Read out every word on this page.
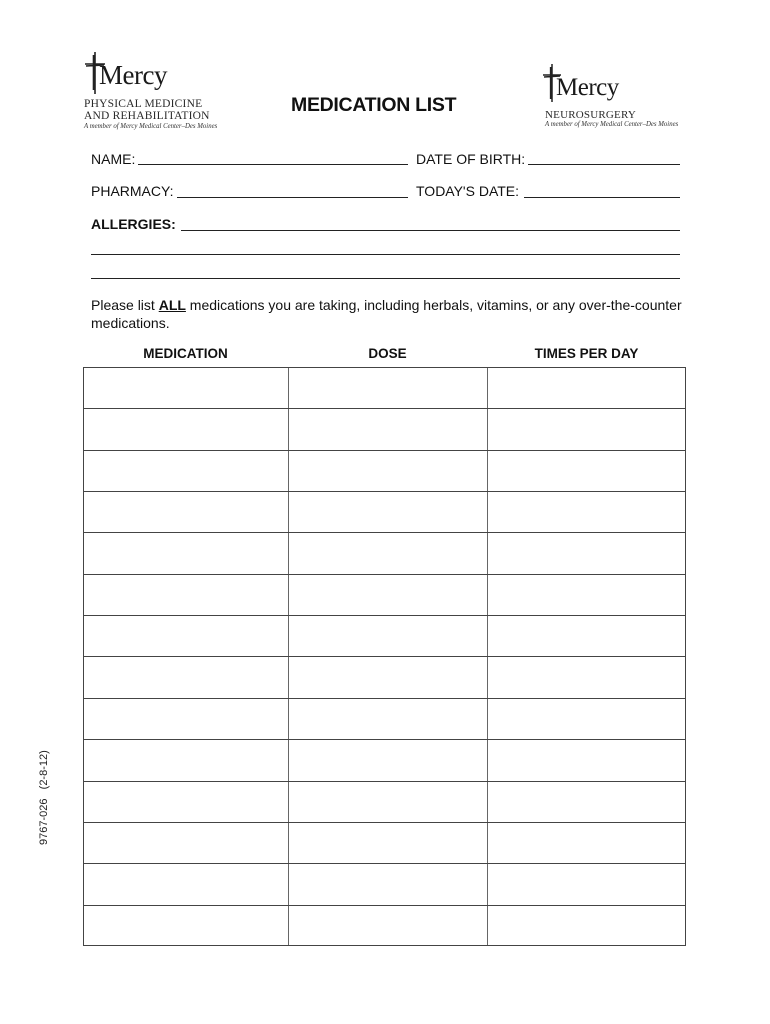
Mercy
PHYSICAL MEDICINE
AND REHABILITATION
A member of Mercy Medical Center–Des Moines
MEDICATION LIST
Mercy
NEUROSURGERY
A member of Mercy Medical Center–Des Moines
NAME:	DATE OF BIRTH:
PHARMACY:	TODAY'S DATE:
ALLERGIES:
Please list ALL medications you are taking, including herbals, vitamins, or any over-the-counter medications.
MEDICATION	DOSE	TIMES PER DAY
9767-026   (2-8-12)
